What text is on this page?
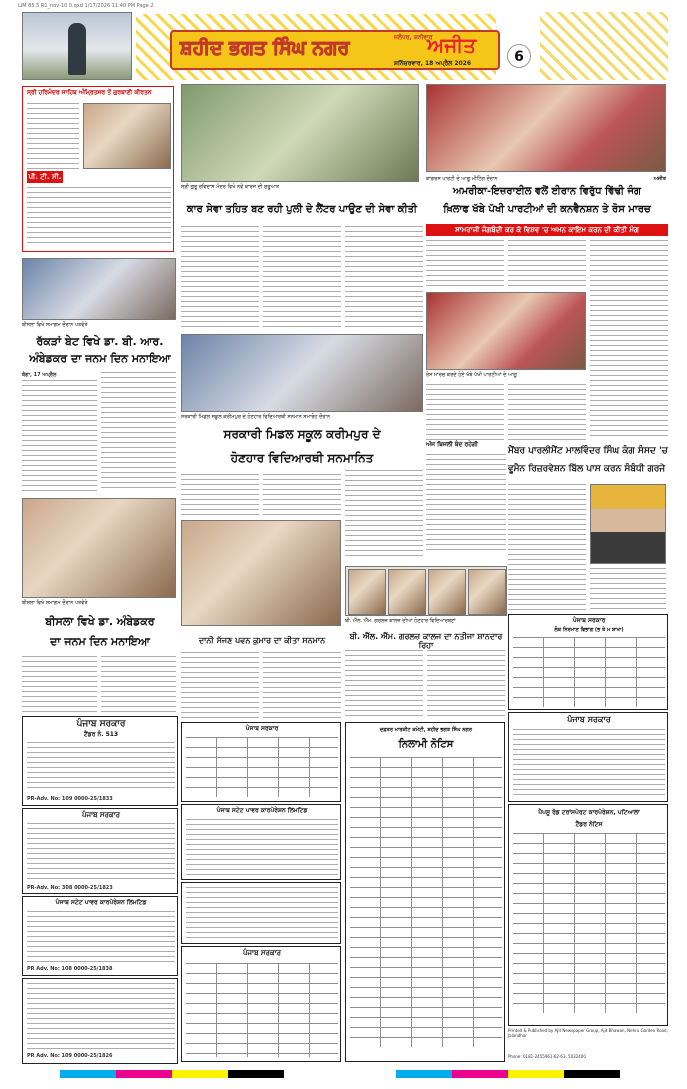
LIM 85.5 R1_nov-10 0.qxd 1/17/2026 11:40 PM Page 2
ਸ਼ਹੀਦ ਭਗਤ ਸਿੰਘ ਨਗਰ	ਜਲੰਧਰ, ਸ਼ਨੀਵਾਰ
ਅਜੀਤ
ਸ਼ਨਿੱਚਰਵਾਰ, 18 ਅਪ੍ਰੈਲ 2026	6
ਸ੍ਰੀ ਹਰਿਮੰਦਰ ਸਾਹਿਬ ਅੰਮ੍ਰਿਤਸਰ ਤੋਂ ਗੁਰਬਾਣੀ ਕੀਰਤਨ
ਪੀ. ਟੀ. ਸੀ.
ਬੀਸਲਾ ਵਿਖੇ ਸਮਾਗਮ ਦੌਰਾਨ ਪਤਵੰਤੇ
ਰੱਕੜਾਂ ਬੇਟ ਵਿਖੇ ਡਾ. ਬੀ. ਆਰ.
ਅੰਬੇਡਕਰ ਦਾ ਜਨਮ ਦਿਨ ਮਨਾਇਆ
ਬੰਗਾ, 17 ਅਪ੍ਰੈਲ
ਬੀਸਲਾ ਵਿਖੇ ਸਮਾਗਮ ਦੌਰਾਨ ਪਤਵੰਤੇ
ਬੀਸਲਾ ਵਿਖੇ ਡਾ. ਅੰਬੇਡਕਰ
ਦਾ ਜਨਮ ਦਿਨ ਮਨਾਇਆ
ਪੰਜਾਬ ਸਰਕਾਰ
ਟੈਂਡਰ ਨੰ. 513
PR-Adv. No: 109 0000-25/1833
ਪੰਜਾਬ ਸਰਕਾਰ
PR-Adv. No: 308 0000-25/1823
ਪੰਜਾਬ ਸਟੇਟ ਪਾਵਰ ਕਾਰਪੋਰੇਸ਼ਨ ਲਿਮਟਿਡ
PR Adv. No: 108 0000-25/1838
PR Adv. No: 109 0000-25/1826
ਸ੍ਰੀ ਗੁਰੂ ਰਵਿਦਾਸ ਮੰਦਰ ਵਿਖੇ ਨਵੇਂ ਕਾਰਜ ਦੀ ਸ਼ੁਰੂਆਤ
ਕਾਰ ਸੇਵਾ ਤਹਿਤ ਬਣ ਰਹੀ ਪੁਲੀ ਦੇ ਲੈਂਟਰ ਪਾਉਣ ਦੀ ਸੇਵਾ ਕੀਤੀ
ਸਰਕਾਰੀ ਮਿਡਲ ਸਕੂਲ ਕਰੀਮਪੁਰ ਦੇ ਹੋਣਹਾਰ ਵਿਦਿਆਰਥੀ ਸਨਮਾਨ ਸਮਾਰੋਹ ਦੌਰਾਨ
ਸਰਕਾਰੀ ਮਿਡਲ ਸਕੂਲ ਕਰੀਮਪੁਰ ਦੇ
ਹੋਣਹਾਰ ਵਿਦਿਆਰਥੀ ਸਨਮਾਨਿਤ
ਦਾਨੀ ਸੱਜਣ ਪਵਨ ਕੁਮਾਰ ਦਾ ਕੀਤਾ ਸਨਮਾਨ
ਬੀ. ਐੱਲ. ਐੱਮ. ਗਰਲਜ਼ ਕਾਲਜ ਦੀਆਂ ਹੋਣਹਾਰ ਵਿਦਿਆਰਥਣਾਂ
ਬੀ. ਐੱਲ. ਐੱਮ. ਗਰਲਜ਼ ਕਾਲਜ ਦਾ ਨਤੀਜਾ ਸ਼ਾਨਦਾਰ ਰਿਹਾ
ਪੰਜਾਬ ਸਰਕਾਰ
ਪੰਜਾਬ ਸਟੇਟ ਪਾਵਰ ਕਾਰਪੋਰੇਸ਼ਨ ਲਿਮਟਿਡ
ਪੰਜਾਬ ਸਰਕਾਰ
ਦਫ਼ਤਰ ਮਾਰਕੀਟ ਕਮੇਟੀ, ਸ਼ਹੀਦ ਭਗਤ ਸਿੰਘ ਨਗਰ
ਨਿਲਾਮੀ ਨੋਟਿਸ
ਕਾਂਗਰਸ ਪਾਰਟੀ ਦੇ ਆਗੂ ਮੀਟਿੰਗ ਦੌਰਾਨ	ਅਜੀਤ
ਅਮਰੀਕਾ-ਇਜ਼ਰਾਈਲ ਵਲੋਂ ਈਰਾਨ ਵਿਰੁੱਧ ਵਿੱਢੀ ਜੰਗ
ਖ਼ਿਲਾਫ ਖੱਬੇ ਪੱਖੀ ਪਾਰਟੀਆਂ ਦੀ ਕਨਵੈਨਸ਼ਨ ਤੇ ਰੋਸ ਮਾਰਚ
ਸਾਮਰਾਜੀ ਜੰਗਬੰਦੀ ਕਰ ਕੇ ਵਿਸ਼ਵ 'ਚ ਅਮਨ ਕਾਇਮ ਕਰਨ ਦੀ ਕੀਤੀ ਮੰਗ
ਰੋਸ ਮਾਰਚ ਕਰਦੇ ਹੋਏ ਖੱਬੇ ਪੱਖੀ ਪਾਰਟੀਆਂ ਦੇ ਆਗੂ
ਅੱਜ ਬਿਜਲੀ ਬੰਦ ਰਹੇਗੀ
ਮੈਂਬਰ ਪਾਰਲੀਮੈਂਟ ਮਾਲਵਿੰਦਰ ਸਿੰਘ ਕੰਗ ਸੰਸਦ 'ਚ
ਵੂਮੈਨ ਰਿਜ਼ਰਵੇਸ਼ਨ ਬਿੱਲ ਪਾਸ ਕਰਨ ਸੰਬੰਧੀ ਗਰਜੇ
ਪੰਜਾਬ ਸਰਕਾਰ
ਲੋਕ ਨਿਰਮਾਣ ਵਿਭਾਗ (ਭ ਤੇ ਮ ਸ਼ਾਖਾ)
ਪੰਜਾਬ ਸਰਕਾਰ
ਪੈਪਸੂ ਰੋਡ ਟਰਾਂਸਪੋਰਟ ਕਾਰਪੋਰੇਸ਼ਨ, ਪਟਿਆਲਾ
ਟੈਂਡਰ ਨੋਟਿਸ
Printed & Published by Ajit Newspaper Group, Ajit Bhawan, Nehru Garden Road, Jalandhar
Phone: 0181-2455961-62-63, 5032400
